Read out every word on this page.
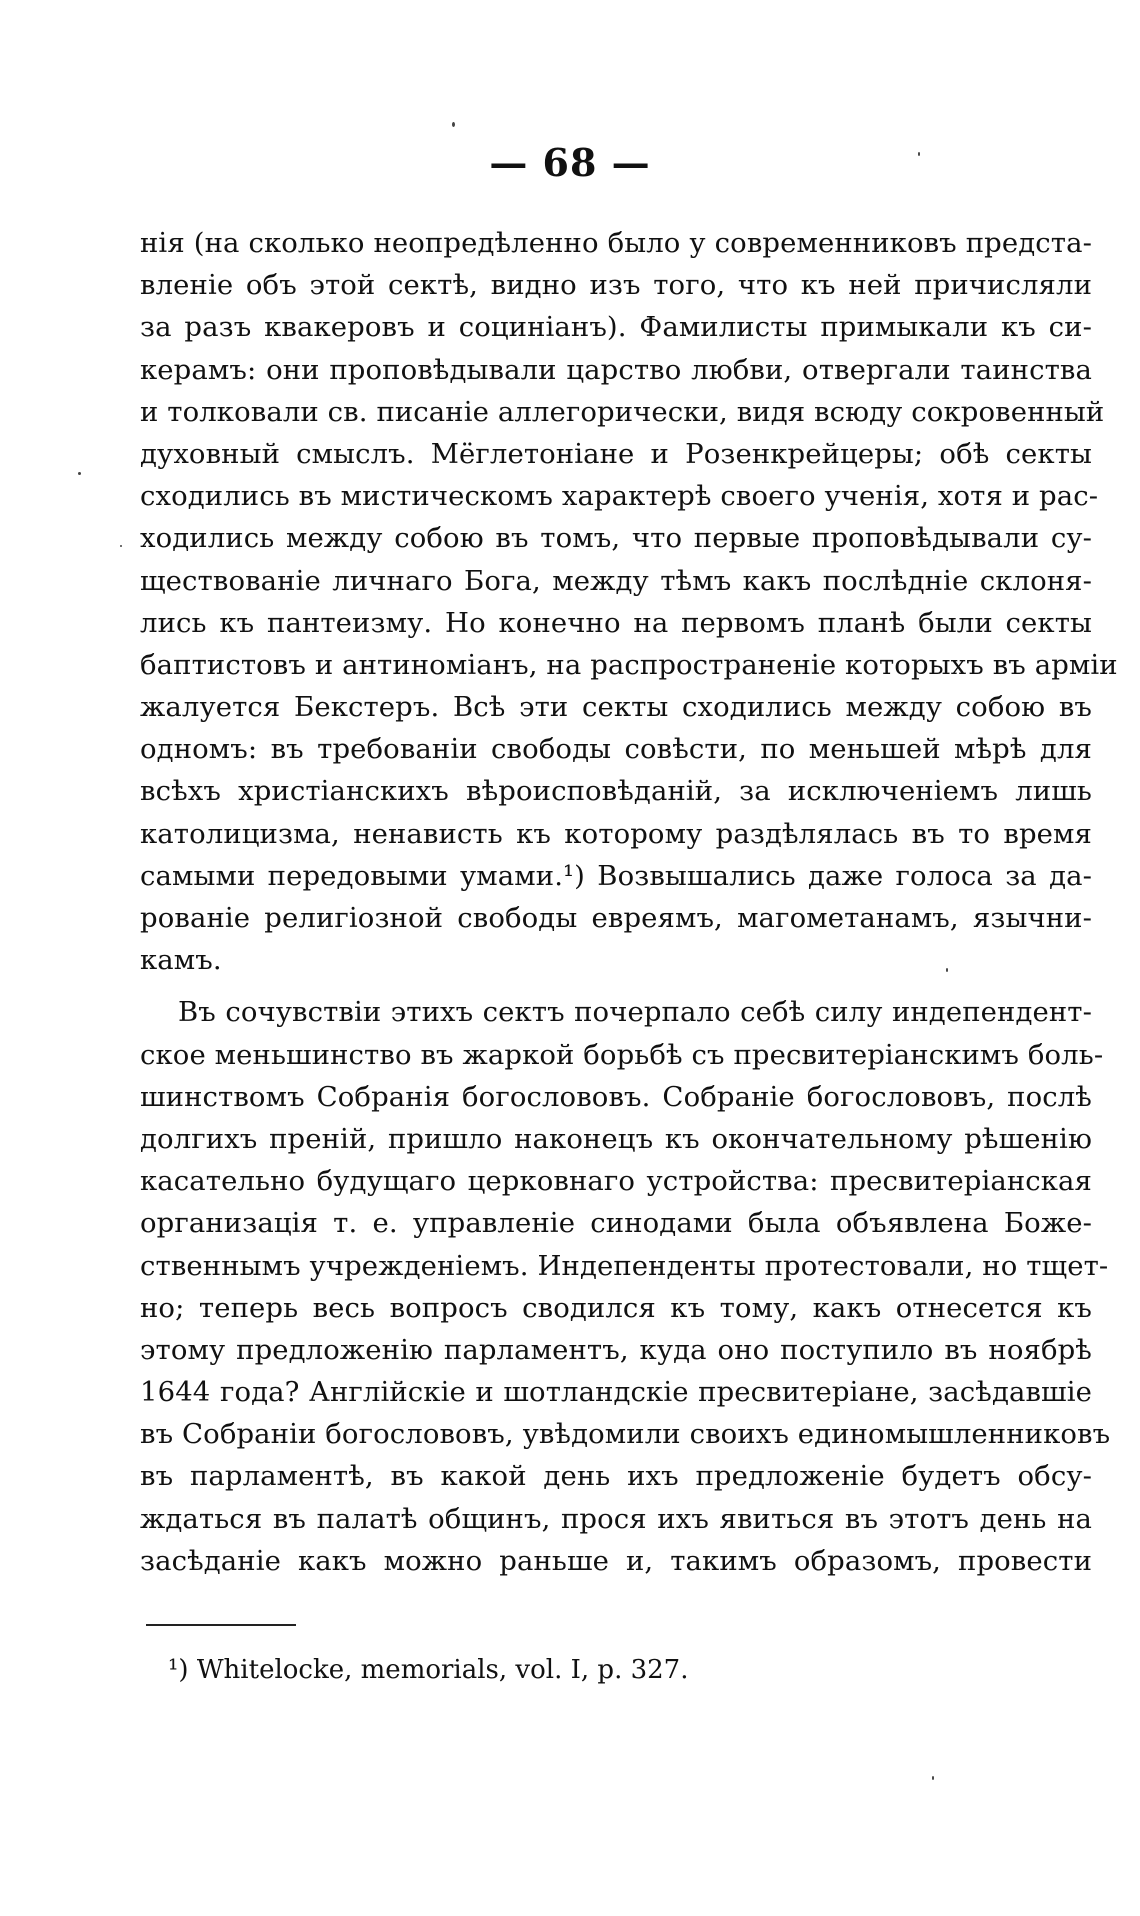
— 68 —
нія (на сколько неопредѣленно было у современниковъ предста-
вленіе объ этой сектѣ, видно изъ того, что къ ней причисляли
за разъ квакеровъ и социніанъ). Фамилисты примыкали къ си-
керамъ: они проповѣдывали царство любви, отвергали таинства
и толковали св. писаніе аллегорически, видя всюду сокровенный
духовный смыслъ. Мёглетоніане и Розенкрейцеры; обѣ секты
сходились въ мистическомъ характерѣ своего ученія, хотя и рас-
ходились между собою въ томъ, что первые проповѣдывали су-
ществованіе личнаго Бога, между тѣмъ какъ послѣдніе склоня-
лись къ пантеизму. Но конечно на первомъ планѣ были секты
баптистовъ и антиноміанъ, на распространеніе которыхъ въ арміи
жалуется Бекстеръ. Всѣ эти секты сходились между собою въ
одномъ: въ требованіи свободы совѣсти, по меньшей мѣрѣ для
всѣхъ христіанскихъ вѣроисповѣданій, за исключеніемъ лишь
католицизма, ненависть къ которому раздѣлялась въ то время
самыми передовыми умами.¹) Возвышались даже голоса за да-
рованіе религіозной свободы евреямъ, магометанамъ, язычни-
камъ.
Въ сочувствіи этихъ сектъ почерпало себѣ силу индепендент-
ское меньшинство въ жаркой борьбѣ съ пресвитеріанскимъ боль-
шинствомъ Собранія богослововъ. Собраніе богослововъ, послѣ
долгихъ преній, пришло наконецъ къ окончательному рѣшенію
касательно будущаго церковнаго устройства: пресвитеріанская
организація т. е. управленіе синодами была объявлена Боже-
ственнымъ учрежденіемъ. Индепенденты протестовали, но тщет-
но; теперь весь вопросъ сводился къ тому, какъ отнесется къ
этому предложенію парламентъ, куда оно поступило въ ноябрѣ
1644 года? Англійскіе и шотландскіе пресвитеріане, засѣдавшіе
въ Собраніи богослововъ, увѣдомили своихъ единомышленниковъ
въ парламентѣ, въ какой день ихъ предложеніе будетъ обсу-
ждаться въ палатѣ общинъ, прося ихъ явиться въ этотъ день на
засѣданіе какъ можно раньше и, такимъ образомъ, провести
¹) Whitelocke, memorials, vol. I, p. 327.
